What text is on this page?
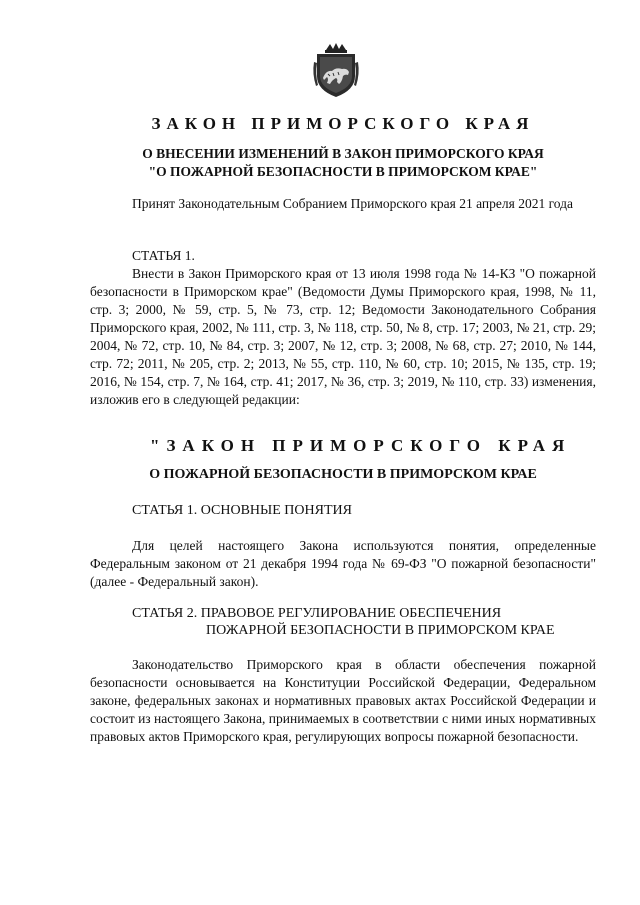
ЗАКОН ПРИМОРСКОГО КРАЯ
О ВНЕСЕНИИ ИЗМЕНЕНИЙ В ЗАКОН ПРИМОРСКОГО КРАЯ
"О ПОЖАРНОЙ БЕЗОПАСНОСТИ В ПРИМОРСКОМ КРАЕ"
Принят Законодательным Собранием Приморского края 21 апреля 2021 года
СТАТЬЯ 1.
Внести в Закон Приморского края от 13 июля 1998 года № 14-КЗ "О пожарной безопасности в Приморском крае" (Ведомости Думы Приморского края, 1998, № 11, стр. 3; 2000, № 59, стр. 5, № 73, стр. 12; Ведомости Законодательного Собрания Приморского края, 2002, № 111, стр. 3, № 118, стр. 50, № 8, стр. 17; 2003, № 21, стр. 29; 2004, № 72, стр. 10, № 84, стр. 3; 2007, № 12, стр. 3; 2008, № 68, стр. 27; 2010, № 144, стр. 72; 2011, № 205, стр. 2; 2013, № 55, стр. 110, № 60, стр. 10; 2015, № 135, стр. 19; 2016, № 154, стр. 7, № 164, стр. 41; 2017, № 36, стр. 3; 2019, № 110, стр. 33) изменения, изложив его в следующей редакции:
"ЗАКОН ПРИМОРСКОГО КРАЯ
О ПОЖАРНОЙ БЕЗОПАСНОСТИ В ПРИМОРСКОМ КРАЕ
СТАТЬЯ 1. ОСНОВНЫЕ ПОНЯТИЯ
Для целей настоящего Закона используются понятия, определенные Федеральным законом от 21 декабря 1994 года № 69-ФЗ "О пожарной безопасности" (далее - Федеральный закон).
СТАТЬЯ 2. ПРАВОВОЕ РЕГУЛИРОВАНИЕ ОБЕСПЕЧЕНИЯ
ПОЖАРНОЙ БЕЗОПАСНОСТИ В ПРИМОРСКОМ КРАЕ
Законодательство Приморского края в области обеспечения пожарной безопасности основывается на Конституции Российской Федерации, Федеральном законе, федеральных законах и нормативных правовых актах Российской Федерации и состоит из настоящего Закона, принимаемых в соответствии с ними иных нормативных правовых актов Приморского края, регулирующих вопросы пожарной безопасности.
